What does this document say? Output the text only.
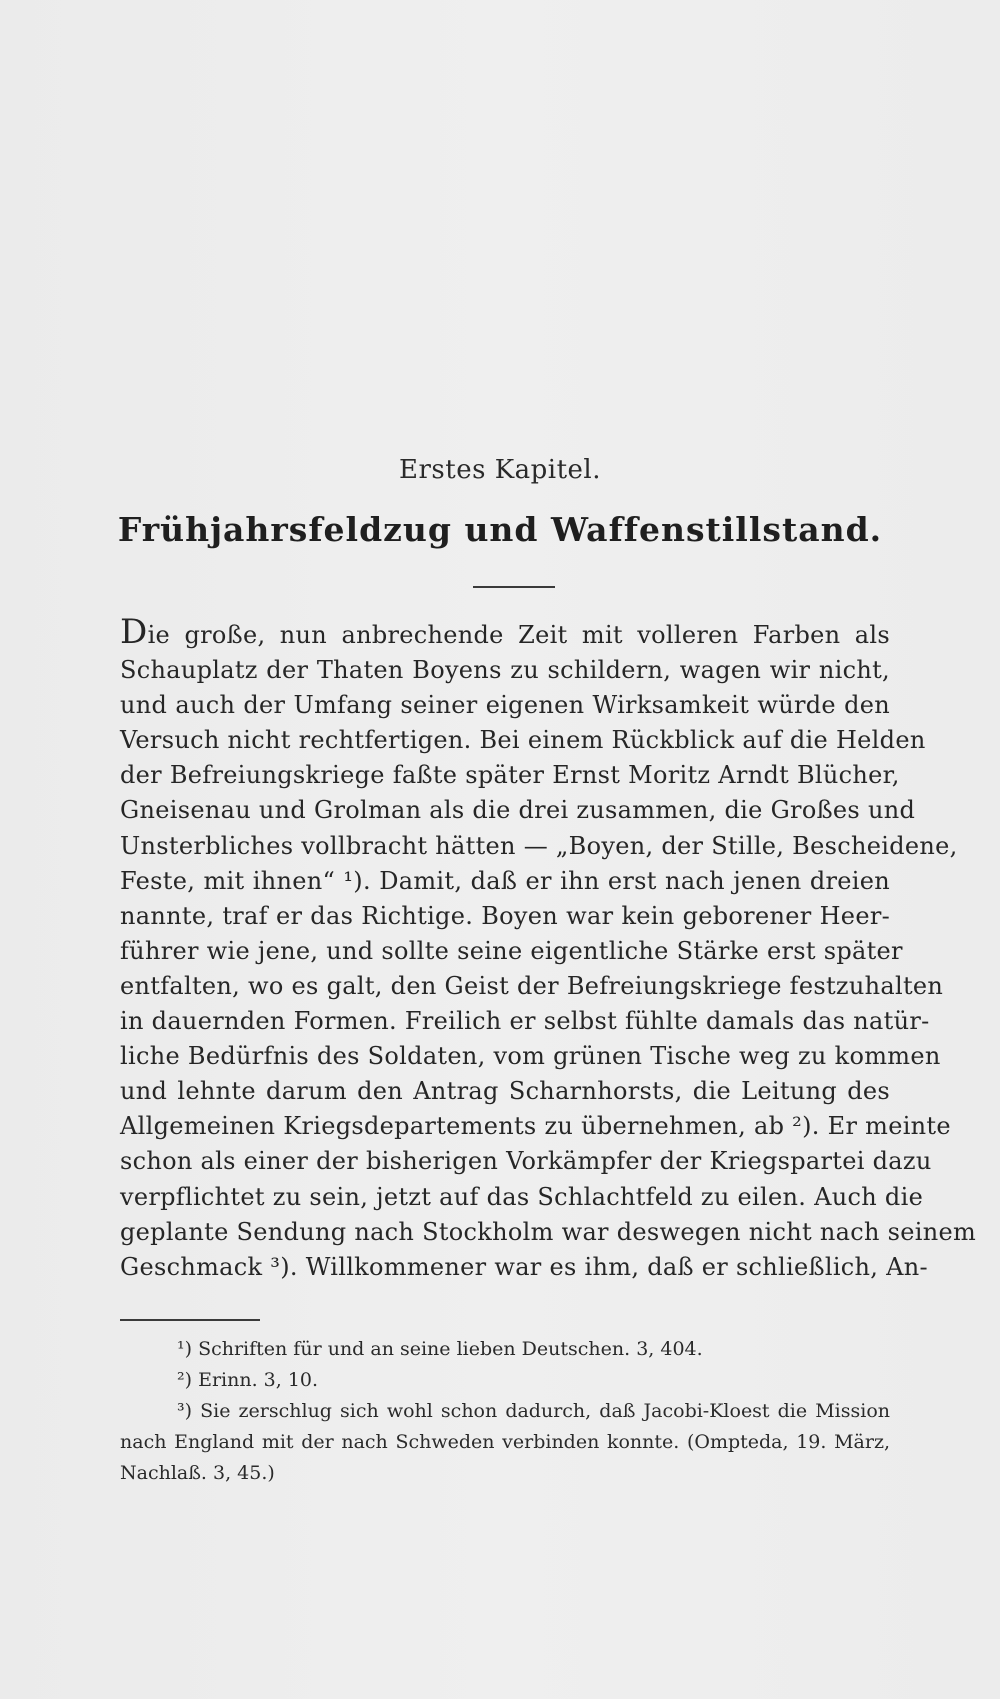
Erstes Kapitel.
Frühjahrsfeldzug und Waffenstillstand.
Die große, nun anbrechende Zeit mit volleren Farben als
Schauplatz der Thaten Boyens zu schildern, wagen wir nicht,
und auch der Umfang seiner eigenen Wirksamkeit würde den
Versuch nicht rechtfertigen. Bei einem Rückblick auf die Helden
der Befreiungskriege faßte später Ernst Moritz Arndt Blücher,
Gneisenau und Grolman als die drei zusammen, die Großes und
Unsterbliches vollbracht hätten — „Boyen, der Stille, Bescheidene,
Feste, mit ihnen“ ¹). Damit, daß er ihn erst nach jenen dreien
nannte, traf er das Richtige. Boyen war kein geborener Heer-
führer wie jene, und sollte seine eigentliche Stärke erst später
entfalten, wo es galt, den Geist der Befreiungskriege festzuhalten
in dauernden Formen. Freilich er selbst fühlte damals das natür-
liche Bedürfnis des Soldaten, vom grünen Tische weg zu kommen
und lehnte darum den Antrag Scharnhorsts, die Leitung des
Allgemeinen Kriegsdepartements zu übernehmen, ab ²). Er meinte
schon als einer der bisherigen Vorkämpfer der Kriegspartei dazu
verpflichtet zu sein, jetzt auf das Schlachtfeld zu eilen. Auch die
geplante Sendung nach Stockholm war deswegen nicht nach seinem
Geschmack ³). Willkommener war es ihm, daß er schließlich, An-
¹) Schriften für und an seine lieben Deutschen. 3, 404.
²) Erinn. 3, 10.
³) Sie zerschlug sich wohl schon dadurch, daß Jacobi-Kloest die Mission
nach England mit der nach Schweden verbinden konnte. (Ompteda, 19. März,
Nachlaß. 3, 45.)
